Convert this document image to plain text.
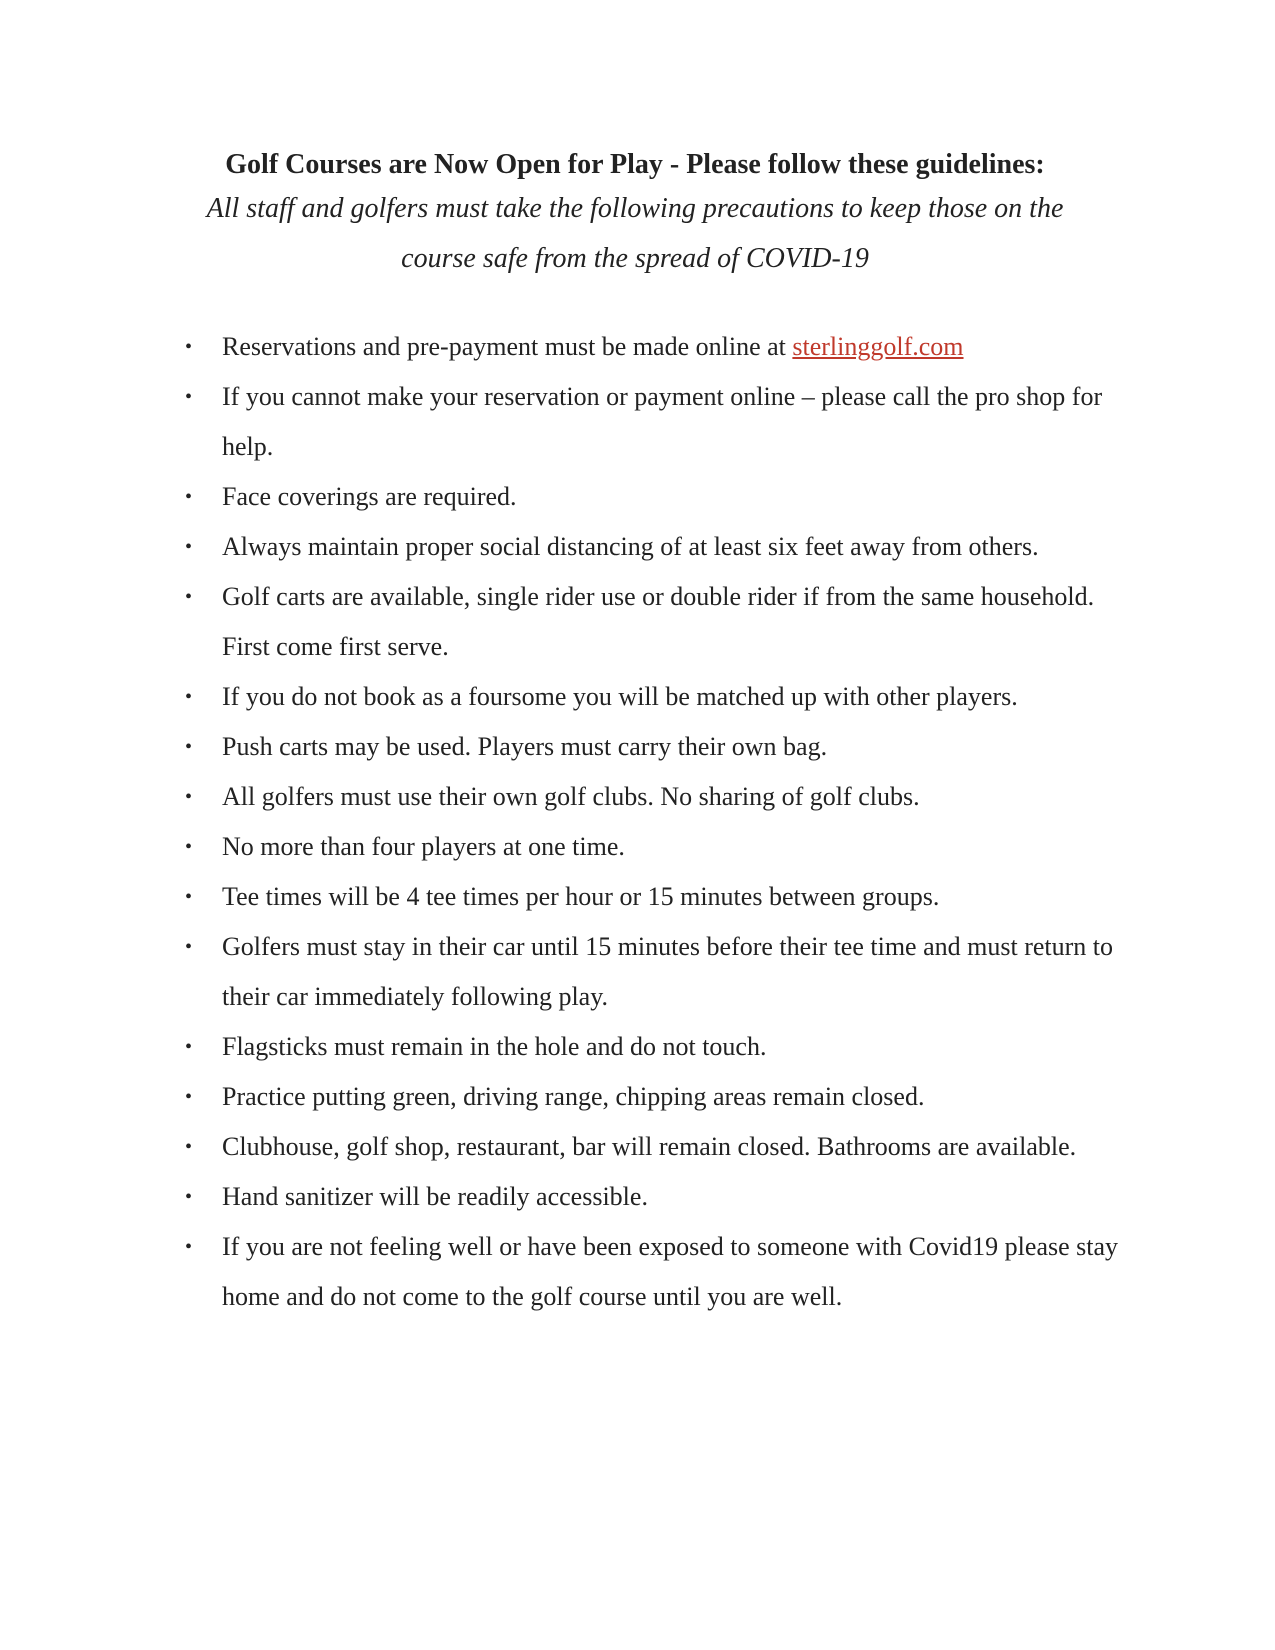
Golf Courses are Now Open for Play - Please follow these guidelines:

All staff and golfers must take the following precautions to keep those on the

course safe from the spread of COVID-19

• Reservations and pre-payment must be made online at sterlinggolf.com
• If you cannot make your reservation or payment online – please call the pro shop for help.
• Face coverings are required.
• Always maintain proper social distancing of at least six feet away from others.
• Golf carts are available, single rider use or double rider if from the same household. First come first serve.
• If you do not book as a foursome you will be matched up with other players.
• Push carts may be used. Players must carry their own bag.
• All golfers must use their own golf clubs. No sharing of golf clubs.
• No more than four players at one time.
• Tee times will be 4 tee times per hour or 15 minutes between groups.
• Golfers must stay in their car until 15 minutes before their tee time and must return to their car immediately following play.
• Flagsticks must remain in the hole and do not touch.
• Practice putting green, driving range, chipping areas remain closed.
• Clubhouse, golf shop, restaurant, bar will remain closed. Bathrooms are available.
• Hand sanitizer will be readily accessible.
• If you are not feeling well or have been exposed to someone with Covid19 please stay home and do not come to the golf course until you are well.
